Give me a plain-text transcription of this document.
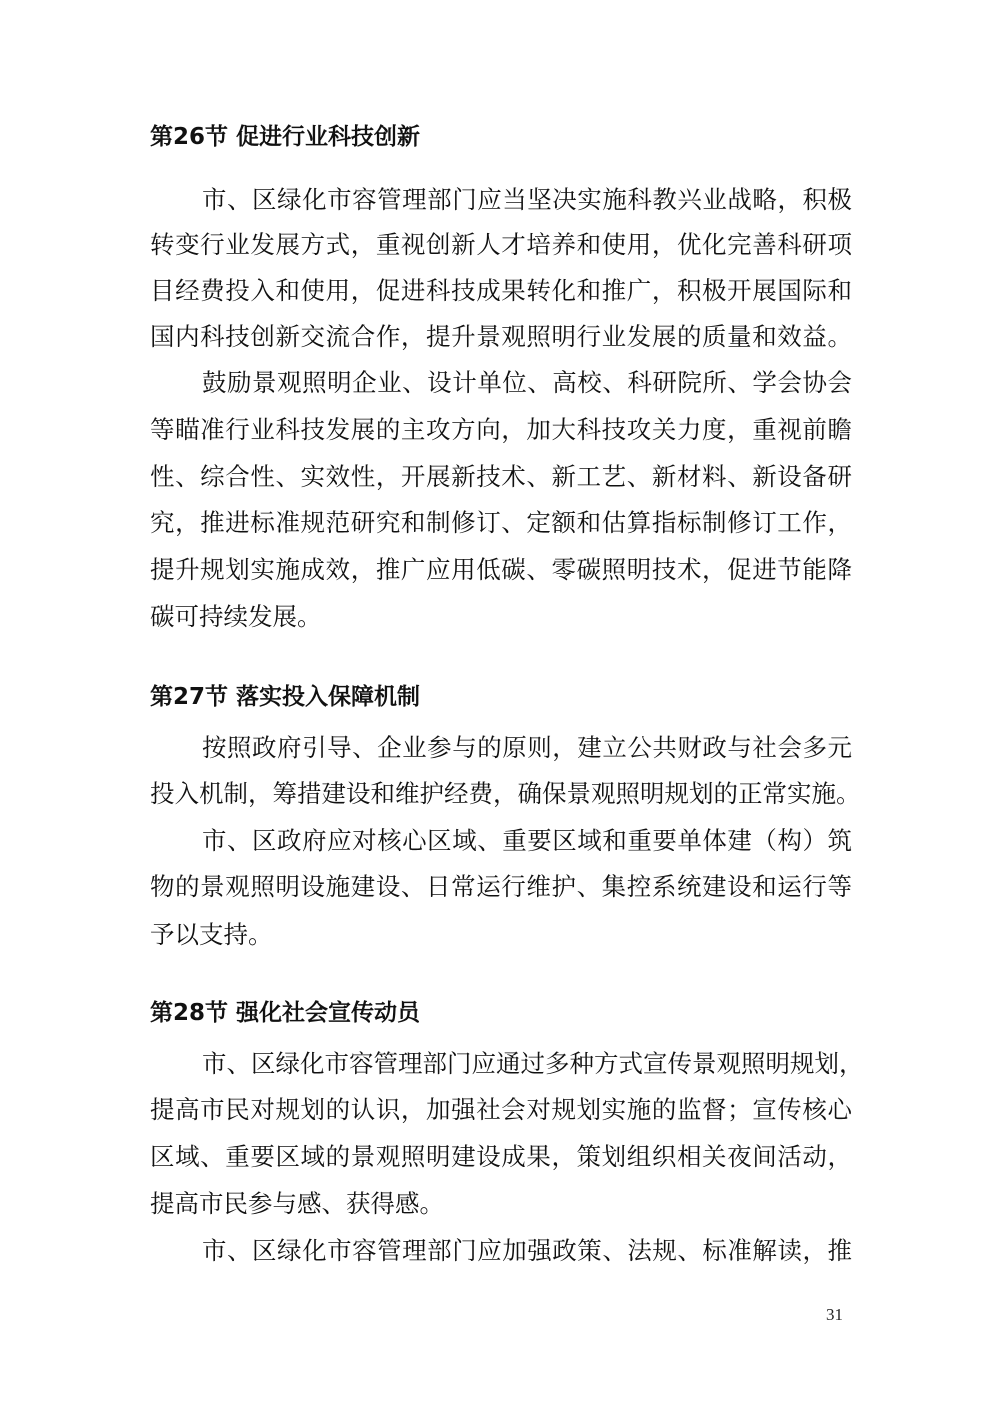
第26节 促进行业科技创新
市、区绿化市容管理部门应当坚决实施科教兴业战略，积极
转变行业发展方式，重视创新人才培养和使用，优化完善科研项
目经费投入和使用，促进科技成果转化和推广，积极开展国际和
国内科技创新交流合作，提升景观照明行业发展的质量和效益。
鼓励景观照明企业、设计单位、高校、科研院所、学会协会
等瞄准行业科技发展的主攻方向，加大科技攻关力度，重视前瞻
性、综合性、实效性，开展新技术、新工艺、新材料、新设备研
究，推进标准规范研究和制修订、定额和估算指标制修订工作，
提升规划实施成效，推广应用低碳、零碳照明技术，促进节能降
碳可持续发展。
第27节 落实投入保障机制
按照政府引导、企业参与的原则，建立公共财政与社会多元
投入机制，筹措建设和维护经费，确保景观照明规划的正常实施。
市、区政府应对核心区域、重要区域和重要单体建（构）筑
物的景观照明设施建设、日常运行维护、集控系统建设和运行等
予以支持。
第28节 强化社会宣传动员
市、区绿化市容管理部门应通过多种方式宣传景观照明规划，
提高市民对规划的认识，加强社会对规划实施的监督；宣传核心
区域、重要区域的景观照明建设成果，策划组织相关夜间活动，
提高市民参与感、获得感。
市、区绿化市容管理部门应加强政策、法规、标准解读，推
31
